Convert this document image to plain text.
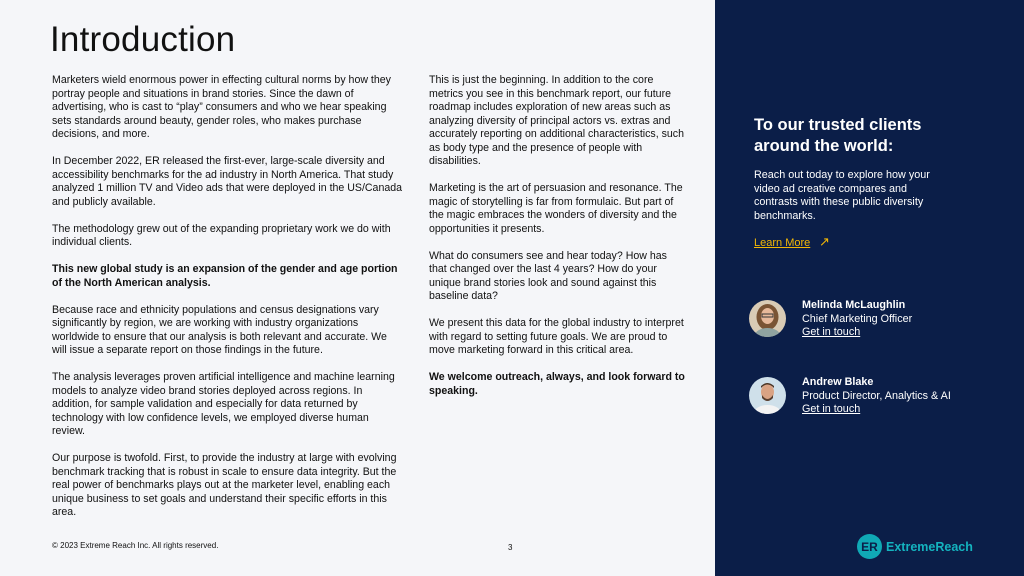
Introduction

Marketers wield enormous power in effecting cultural norms by how they portray people and situations in brand stories. Since the dawn of advertising, who is cast to “play” consumers and who we hear speaking sets standards around beauty, gender roles, who makes purchase decisions, and more.

In December 2022, ER released the first-ever, large-scale diversity and accessibility benchmarks for the ad industry in North America. That study analyzed 1 million TV and Video ads that were deployed in the US/Canada and publicly available.

The methodology grew out of the expanding proprietary work we do with individual clients.

This new global study is an expansion of the gender and age portion of the North American analysis.

Because race and ethnicity populations and census designations vary significantly by region, we are working with industry organizations worldwide to ensure that our analysis is both relevant and accurate. We will issue a separate report on those findings in the future.

The analysis leverages proven artificial intelligence and machine learning models to analyze video brand stories deployed across regions. In addition, for sample validation and especially for data returned by technology with low confidence levels, we employed diverse human review.

Our purpose is twofold. First, to provide the industry at large with evolving benchmark tracking that is robust in scale to ensure data integrity. But the real power of benchmarks plays out at the marketer level, enabling each unique business to set goals and understand their specific efforts in this area.

This is just the beginning. In addition to the core metrics you see in this benchmark report, our future roadmap includes exploration of new areas such as analyzing diversity of principal actors vs. extras and accurately reporting on additional characteristics, such as body type and the presence of people with disabilities.

Marketing is the art of persuasion and resonance. The magic of storytelling is far from formulaic. But part of the magic embraces the wonders of diversity and the opportunities it presents.

What do consumers see and hear today? How has that changed over the last 4 years? How do your unique brand stories look and sound against this baseline data?

We present this data for the global industry to interpret with regard to setting future goals. We are proud to move marketing forward in this critical area.

We welcome outreach, always, and look forward to speaking.

© 2023 Extreme Reach Inc. All rights reserved.	3
To our trusted clients around the world:
Reach out today to explore how your video ad creative compares and contrasts with these public diversity benchmarks.
Learn More ↗
Melinda McLaughlin
Chief Marketing Officer
Get in touch
Andrew Blake
Product Director, Analytics & AI
Get in touch
ER ExtremeReach
